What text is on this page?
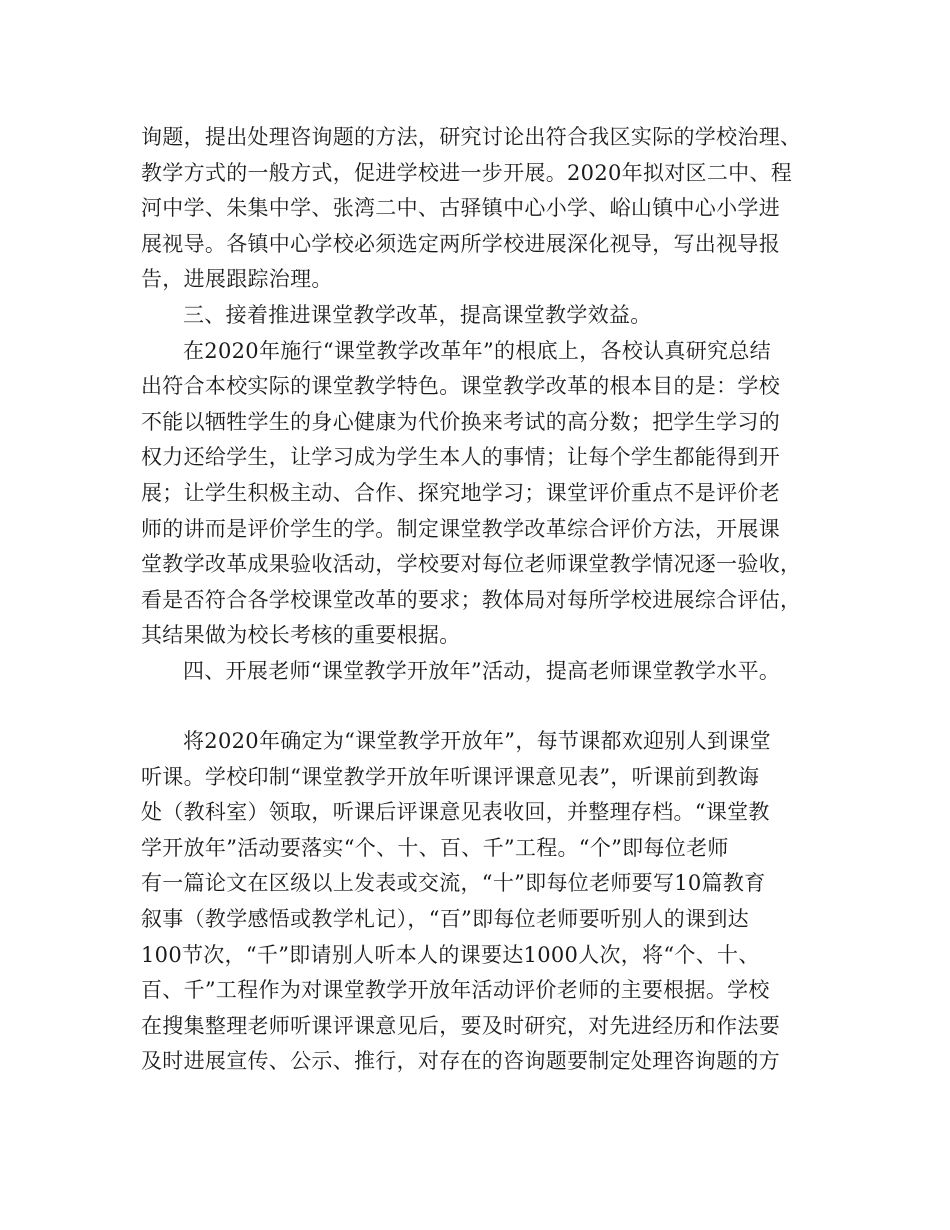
询题，提出处理咨询题的方法，研究讨论出符合我区实际的学校治理、
教学方式的一般方式，促进学校进一步开展。2020年拟对区二中、程
河中学、朱集中学、张湾二中、古驿镇中心小学、峪山镇中心小学进
展视导。各镇中心学校必须选定两所学校进展深化视导，写出视导报
告，进展跟踪治理。
三、接着推进课堂教学改革，提高课堂教学效益。
在2020年施行“课堂教学改革年”的根底上，各校认真研究总结
出符合本校实际的课堂教学特色。课堂教学改革的根本目的是：学校
不能以牺牲学生的身心健康为代价换来考试的高分数；把学生学习的
权力还给学生，让学习成为学生本人的事情；让每个学生都能得到开
展；让学生积极主动、合作、探究地学习；课堂评价重点不是评价老
师的讲而是评价学生的学。制定课堂教学改革综合评价方法，开展课
堂教学改革成果验收活动，学校要对每位老师课堂教学情况逐一验收，
看是否符合各学校课堂改革的要求；教体局对每所学校进展综合评估，
其结果做为校长考核的重要根据。
四、开展老师“课堂教学开放年”活动，提高老师课堂教学水平。
将2020年确定为“课堂教学开放年”，每节课都欢迎别人到课堂
听课。学校印制“课堂教学开放年听课评课意见表”，听课前到教诲
处（教科室）领取，听课后评课意见表收回，并整理存档。“课堂教
学开放年”活动要落实“个、十、百、千”工程。“个”即每位老师
有一篇论文在区级以上发表或交流，“十”即每位老师要写10篇教育
叙事（教学感悟或教学札记），“百”即每位老师要听别人的课到达
100节次，“千”即请别人听本人的课要达1000人次，将“个、十、
百、千”工程作为对课堂教学开放年活动评价老师的主要根据。学校
在搜集整理老师听课评课意见后，要及时研究，对先进经历和作法要
及时进展宣传、公示、推行，对存在的咨询题要制定处理咨询题的方
